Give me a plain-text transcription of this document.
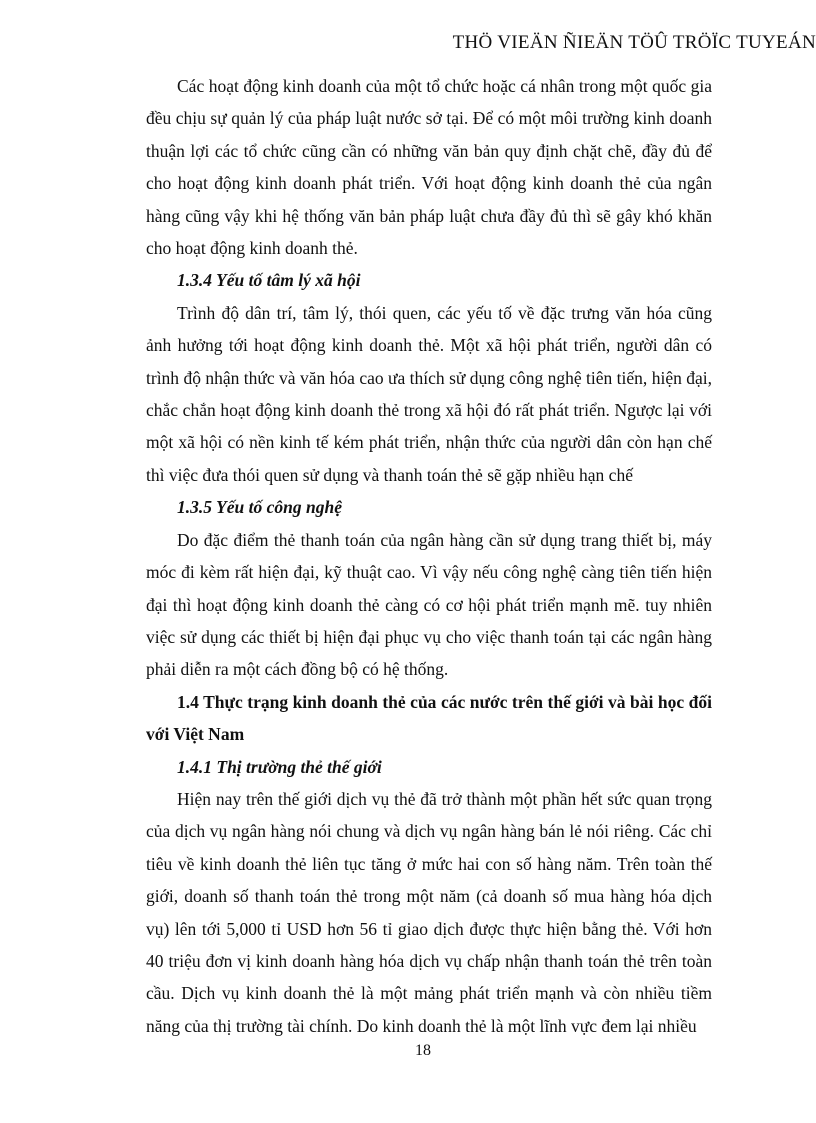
THÖ VIEÄN ÑIEÄN TÖÛ TRÖÏC TUYEÁN

Các hoạt động kinh doanh của một tổ chức hoặc cá nhân trong một quốc gia đều chịu sự quản lý của pháp luật nước sở tại. Để có một môi trường kinh doanh thuận lợi các tổ chức cũng cần có những văn bản quy định chặt chẽ, đầy đủ để cho hoạt động kinh doanh phát triển. Với hoạt động kinh doanh thẻ của ngân hàng cũng vậy khi hệ thống văn bản pháp luật chưa đầy đủ thì sẽ gây khó khăn cho hoạt động kinh doanh thẻ.

1.3.4 Yếu tố tâm lý xã hội

Trình độ dân trí, tâm lý, thói quen, các yếu tố về đặc trưng văn hóa cũng ảnh hưởng tới hoạt động kinh doanh thẻ. Một xã hội phát triển, người dân có trình độ nhận thức và văn hóa cao ưa thích sử dụng công nghệ tiên tiến, hiện đại, chắc chắn hoạt động kinh doanh thẻ trong xã hội đó rất phát triển. Ngược lại với một xã hội có nền kinh tế kém phát triển, nhận thức của người dân còn hạn chế thì việc đưa thói quen sử dụng và thanh toán thẻ sẽ gặp nhiều hạn chế

1.3.5 Yếu tố công nghệ

Do đặc điểm thẻ thanh toán của ngân hàng cần sử dụng trang thiết bị, máy móc đi kèm rất hiện đại, kỹ thuật cao. Vì vậy nếu công nghệ càng tiên tiến hiện đại thì hoạt động kinh doanh thẻ càng có cơ hội phát triển mạnh mẽ. tuy nhiên việc sử dụng các thiết bị hiện đại phục vụ cho việc thanh toán tại các ngân hàng phải diễn ra một cách đồng bộ có hệ thống.

1.4 Thực trạng kinh doanh thẻ của các nước trên thế giới và bài học đối với Việt Nam
1.4.1 Thị trường thẻ thế giới

Hiện nay trên thế giới dịch vụ thẻ đã trở thành một phần hết sức quan trọng của dịch vụ ngân hàng nói chung và dịch vụ ngân hàng bán lẻ nói riêng. Các chỉ tiêu về kinh doanh thẻ liên tục tăng ở mức hai con số hàng năm. Trên toàn thế giới, doanh số thanh toán thẻ trong một năm (cả doanh số mua hàng hóa dịch vụ) lên tới 5,000 tỉ USD hơn 56 tỉ giao dịch được thực hiện bằng thẻ. Với hơn 40 triệu đơn vị kinh doanh hàng hóa dịch vụ chấp nhận thanh toán thẻ trên toàn cầu. Dịch vụ kinh doanh thẻ là một mảng phát triển mạnh và còn nhiều tiềm năng của thị trường tài chính. Do kinh doanh thẻ là một lĩnh vực đem lại nhiều

18
